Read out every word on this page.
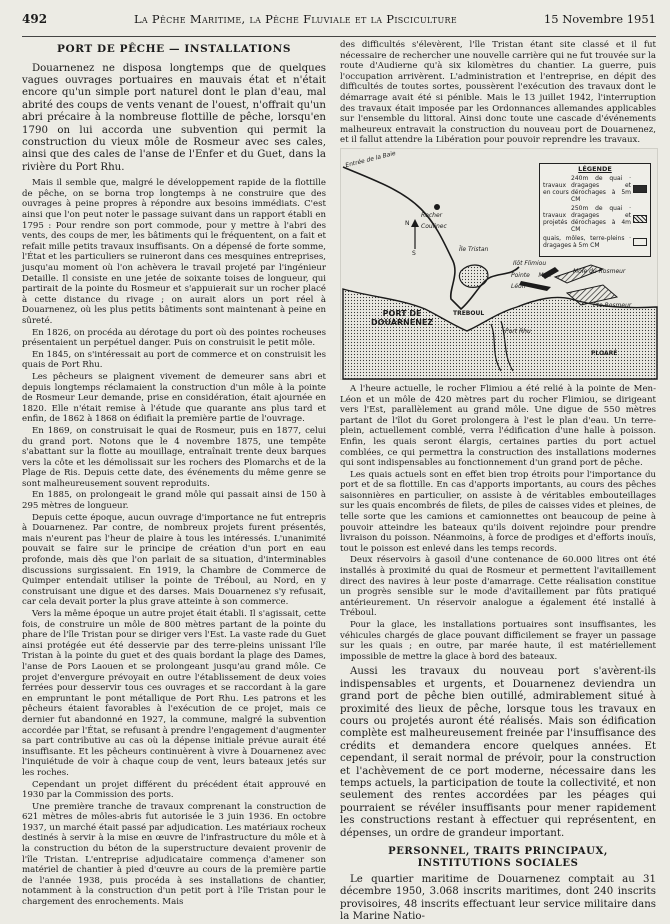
492	La Pêche Maritime, la Pêche Fluviale et la Pisciculture	15 Novembre 1951
PORT DE PÊCHE — INSTALLATIONS

Douarnenez ne disposa longtemps que de quelques vagues ouvrages portuaires en mauvais état et n'était encore qu'un simple port naturel dont le plan d'eau, mal abrité des coups de vents venant de l'ouest, n'offrait qu'un abri précaire à la nombreuse flottille de pêche, lorsqu'en 1790 on lui accorda une subvention qui permit la construction du vieux môle de Rosmeur avec ses cales, ainsi que des cales de l'anse de l'Enfer et du Guet, dans la rivière du Port Rhu.

Mais il semble que, malgré le développement rapide de la flottille de pêche, on se borna trop longtemps à ne construire que des ouvrages à peine propres à répondre aux besoins immédiats. C'est ainsi que l'on peut noter le passage suivant dans un rapport établi en 1795 : Pour rendre son port commode, pour y mettre à l'abri des vents, des coups de mer, les bâtiments qui le fréquentent, on a fait et refait mille petits travaux insuffisants. On a dépensé de forte somme, l'État et les particuliers se ruineront dans ces mesquines entreprises, jusqu'au moment où l'on achèvera le travail projeté par l'ingénieur Detaille. Il consiste en une jetée de soixante toises de longueur, qui partirait de la pointe du Rosmeur et s'appuierait sur un rocher placé à cette distance du rivage ; on aurait alors un port réel à Douarnenez, où les plus petits bâtiments sont maintenant à peine en sûreté.

En 1826, on procéda au dérotage du port où des pointes rocheuses présentaient un perpétuel danger. Puis on construisit le petit môle.

En 1845, on s'intéressait au port de commerce et on construisit les quais de Port Rhu.

Les pêcheurs se plaignent vivement de demeurer sans abri et depuis longtemps réclamaient la construction d'un môle à la pointe de Rosmeur Leur demande, prise en considération, était ajournée en 1820. Elle n'était remise à l'étude que quarante ans plus tard et enfin, de 1862 à 1868 on édifiait la première partie de l'ouvrage.

En 1869, on construisait le quai de Rosmeur, puis en 1877, celui du grand port. Notons que le 4 novembre 1875, une tempête s'abattant sur la flotte au mouillage, entraînait trente deux barques vers la côte et les démolissait sur les rochers des Plomarchs et de la Plage de Ris. Depuis cette date, des événements du même genre se sont malheureusement souvent reproduits.

En 1885, on prolongeait le grand môle qui passait ainsi de 150 à 295 mètres de longueur.

Depuis cette époque, aucun ouvrage d'importance ne fut entrepris à Douarnenez. Par contre, de nombreux projets furent présentés, mais n'eurent pas l'heur de plaire à tous les intéressés. L'unanimité pouvait se faire sur le principe de création d'un port en eau profonde, mais dès que l'on parlait de sa situation, d'interminables discussions surgissaient. En 1919, la Chambre de Commerce de Quimper entendait utiliser la pointe de Tréboul, au Nord, en y construisant une digue et des darses. Mais Douarnenez s'y refusait, car cela devait porter la plus grave atteinte à son commerce.

Vers la même époque un autre projet était établi. Il s'agissait, cette fois, de construire un môle de 800 mètres partant de la pointe du phare de l'île Tristan pour se diriger vers l'Est. La vaste rade du Guet ainsi protégée eut été desservie par des terre-pleins unissant l'île Tristan à la pointe du guet et des quais bordant la plage des Dames, l'anse de Pors Laouen et se prolongeant jusqu'au grand môle. Ce projet d'envergure prévoyait en outre l'établissement de deux voies ferrées pour desservir tous ces ouvrages et se raccordant à la gare en empruntant le pont métallique de Port Rhu. Les patrons et les pêcheurs étaient favorables à l'exécution de ce projet, mais ce dernier fut abandonné en 1927, la commune, malgré la subvention accordée par l'État, se refusant à prendre l'engagement d'augmenter sa part contributive au cas où la dépense initiale prévue aurait été insuffisante. Et les pêcheurs continuèrent à vivre à Douarnenez avec l'inquiétude de voir à chaque coup de vent, leurs bateaux jetés sur les roches.

Cependant un projet différent du précédent était approuvé en 1930 par la Commission des ports.

Une première tranche de travaux comprenant la construction de 621 mètres de môles-abris fut autorisée le 3 juin 1936. En octobre 1937, un marché était passé par adjudication. Les matériaux rocheux destinés à servir à la mise en œuvre de l'infrastructure du môle et à la construction du béton de la superstructure devaient provenir de l'île Tristan. L'entreprise adjudicataire commença d'amener son matériel de chantier à pied d'œuvre au cours de la première partie de l'année 1938, puis procéda à ses installations de chantier, notamment à la construction d'un petit port à l'île Tristan pour le chargement des enrochements. Mais

des difficultés s'élevèrent, l'île Tristan étant site classé et il fut nécessaire de rechercher une nouvelle carrière qui ne fut trouvée sur la route d'Audierne qu'à six kilomètres du chantier. La guerre, puis l'occupation arrivèrent. L'administration et l'entreprise, en dépit des difficultés de toutes sortes, poussèrent l'exécution des travaux dont le démarrage avait été si pénible. Mais le 13 juillet 1942, l'interruption des travaux était imposée par les Ordonnances allemandes applicables sur l'ensemble du littoral. Ainsi donc toute une cascade d'événements malheureux entravait la construction du nouveau port de Douarnenez, et il fallut attendre la Libération pour pouvoir reprendre les travaux.

Entrée de la Baie
Rocher Coulinec
Île Tristan
Ilôt Flimiou
Pointe Men Léon
Môle du Rosmeur
TREBOUL
Port Rhu
PLOARÉ
Pte Rosmeur
N
S
PORT DE
DOUARNENEZ
LÉGENDE
travaux en cours
240m de quai · dragages et dérochages à 5m CM
travaux projetés
250m de quai · dragages et dérochages à 4m CM
quais, môles, terre-pleins · dragages à 5m CM

A l'heure actuelle, le rocher Flimiou a été relié à la pointe de Men-Léon et un môle de 420 mètres part du rocher Flimiou, se dirigeant vers l'Est, parallèlement au grand môle. Une digue de 550 mètres partant de l'îlot du Goret prolongera à l'est le plan d'eau. Un terre-plein, actuellement comblé, verra l'édification d'une halle à poisson. Enfin, les quais seront élargis, certaines parties du port actuel comblées, ce qui permettra la construction des installations modernes qui sont indispensables au fonctionnement d'un grand port de pêche.

Les quais actuels sont en effet bien trop étroits pour l'importance du port et de sa flottille. En cas d'apports importants, au cours des pêches saisonnières en particulier, on assiste à de véritables embouteillages sur les quais encombrés de filets, de piles de caisses vides et pleines, de telle sorte que les camions et camionnettes ont beaucoup de peine à pouvoir atteindre les bateaux qu'ils doivent rejoindre pour prendre livraison du poisson. Néanmoins, à force de prodiges et d'efforts inouïs, tout le poisson est enlevé dans les temps records.

Deux réservoirs à gasoil d'une contenance de 60.000 litres ont été installés à proximité du quai de Rosmeur et permettent l'avitaillement direct des navires à leur poste d'amarrage. Cette réalisation constitue un progrès sensible sur le mode d'avitaillement par fûts pratiqué antérieurement. Un réservoir analogue a également été installé à Tréboul.

Pour la glace, les installations portuaires sont insuffisantes, les véhicules chargés de glace pouvant difficilement se frayer un passage sur les quais ; en outre, par marée haute, il est matériellement impossible de mettre la glace à bord des bateaux.

Aussi les travaux du nouveau port s'avèrent-ils indispensables et urgents, et Douarnenez deviendra un grand port de pêche bien outillé, admirablement situé à proximité des lieux de pêche, lorsque tous les travaux en cours ou projetés auront été réalisés. Mais son édification complète est malheureusement freinée par l'insuffisance des crédits et demandera encore quelques années. Et cependant, il serait normal de prévoir, pour la construction et l'achèvement de ce port moderne, nécessaire dans les temps actuels, la participation de toute la collectivité, et non seulement des rentes accordées par les péages qui pourraient se révéler insuffisants pour mener rapidement les constructions restant à effectuer qui représentent, en dépenses, un ordre de grandeur important.

PERSONNEL, TRAITS PRINCIPAUX,
INSTITUTIONS SOCIALES

Le quartier maritime de Douarnenez comptait au 31 décembre 1950, 3.068 inscrits maritimes, dont 240 inscrits provisoires, 48 inscrits effectuant leur service militaire dans la Marine Natio-
